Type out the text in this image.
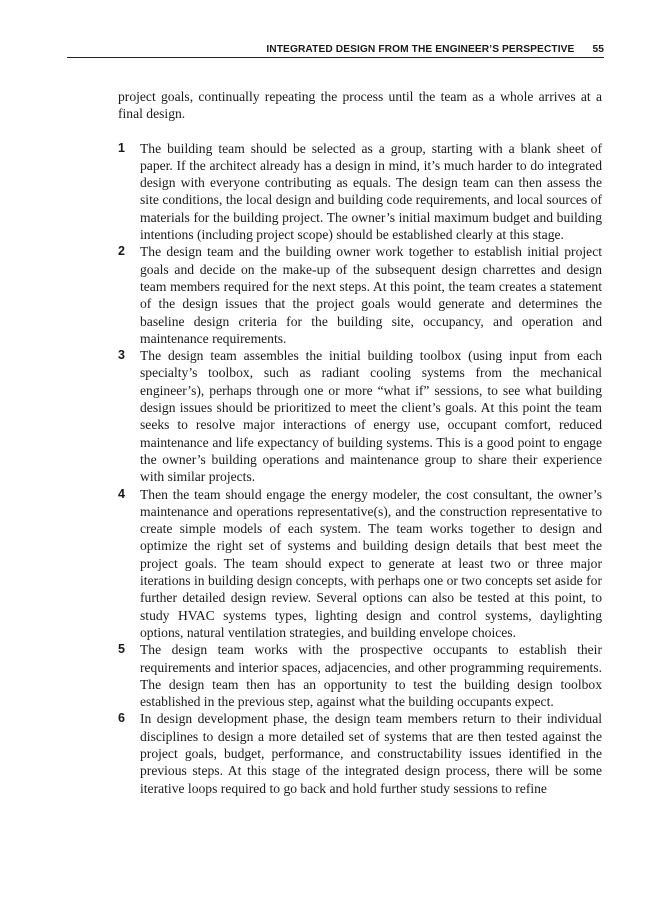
INTEGRATED DESIGN FROM THE ENGINEER’S PERSPECTIVE 55

project goals, continually repeating the process until the team as a whole arrives at a final design.

1 The building team should be selected as a group, starting with a blank sheet of paper. If the architect already has a design in mind, it’s much harder to do integrated design with everyone contributing as equals. The design team can then assess the site conditions, the local design and building code requirements, and local sources of materials for the building project. The owner’s initial maximum budget and building intentions (including project scope) should be established clearly at this stage.
2 The design team and the building owner work together to establish initial project goals and decide on the make-up of the subsequent design charrettes and design team members required for the next steps. At this point, the team creates a statement of the design issues that the project goals would generate and determines the baseline design criteria for the building site, occupancy, and operation and maintenance requirements.
3 The design team assembles the initial building toolbox (using input from each specialty’s toolbox, such as radiant cooling systems from the mechanical engineer’s), perhaps through one or more “what if” sessions, to see what building design issues should be prioritized to meet the client’s goals. At this point the team seeks to resolve major interactions of energy use, occupant comfort, reduced maintenance and life expectancy of building systems. This is a good point to engage the owner’s building operations and maintenance group to share their experience with similar projects.
4 Then the team should engage the energy modeler, the cost consultant, the owner’s maintenance and operations representative(s), and the construction representative to create simple models of each system. The team works together to design and optimize the right set of systems and building design details that best meet the project goals. The team should expect to generate at least two or three major iterations in building design concepts, with perhaps one or two concepts set aside for further detailed design review. Several options can also be tested at this point, to study HVAC systems types, lighting design and control systems, daylighting options, natural ventilation strategies, and building envelope choices.
5 The design team works with the prospective occupants to establish their requirements and interior spaces, adjacencies, and other programming requirements. The design team then has an opportunity to test the building design toolbox established in the previous step, against what the building occupants expect.
6 In design development phase, the design team members return to their individual disciplines to design a more detailed set of systems that are then tested against the project goals, budget, performance, and constructability issues identified in the previous steps. At this stage of the integrated design process, there will be some iterative loops required to go back and hold further study sessions to refine
